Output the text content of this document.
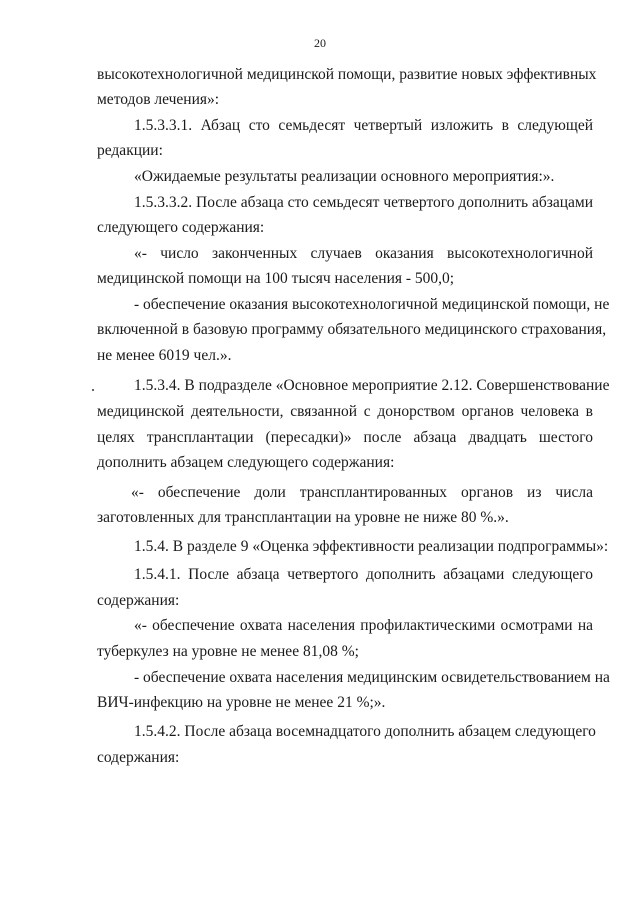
20
высокотехнологичной медицинской помощи, развитие новых эффективных
методов лечения»:
1.5.3.3.1. Абзац сто семьдесят четвертый изложить в следующей
редакции:
«Ожидаемые результаты реализации основного мероприятия:».
1.5.3.3.2. После абзаца сто семьдесят четвертого дополнить абзацами
следующего содержания:
«- число законченных случаев оказания высокотехнологичной
медицинской помощи на 100 тысяч населения - 500,0;
- обеспечение оказания высокотехнологичной медицинской помощи, не
включенной в базовую программу обязательного медицинского страхования,
не менее 6019 чел.».
1.5.3.4. В подразделе «Основное мероприятие 2.12. Совершенствование
медицинской деятельности, связанной с донорством органов человека в
целях трансплантации (пересадки)» после абзаца двадцать шестого
дополнить абзацем следующего содержания:
«- обеспечение доли трансплантированных органов из числа
заготовленных для трансплантации на уровне не ниже 80 %.».
1.5.4. В разделе 9 «Оценка эффективности реализации подпрограммы»:
1.5.4.1. После абзаца четвертого дополнить абзацами следующего
содержания:
«- обеспечение охвата населения профилактическими осмотрами на
туберкулез на уровне не менее 81,08 %;
- обеспечение охвата населения медицинским освидетельствованием на
ВИЧ-инфекцию на уровне не менее 21 %;».
1.5.4.2. После абзаца восемнадцатого дополнить абзацем следующего
содержания:
